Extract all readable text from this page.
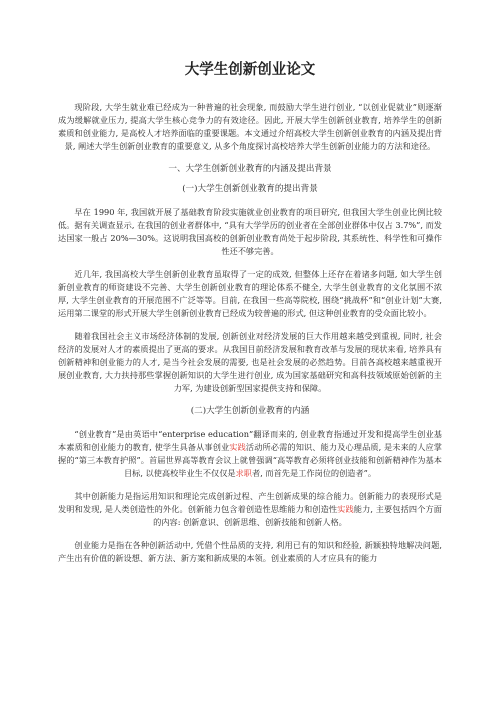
大学生创新创业论文

现阶段, 大学生就业难已经成为一种普遍的社会现象, 而鼓励大学生进行创业, “以创业促就业”则逐渐成为缓解就业压力, 提高大学生核心竞争力的有效途径。因此, 开展大学生创新创业教育, 培养学生的创新素质和创业能力, 是高校人才培养面临的重要课题。本文通过介绍高校大学生创新创业教育的内涵及提出背景, 阐述大学生创新创业教育的重要意义, 从多个角度探讨高校培养大学生创新创业能力的方法和途径。

一、大学生创新创业教育的内涵及提出背景

(一)大学生创新创业教育的提出背景

早在 1990 年, 我国就开展了基础教育阶段实施就业创业教育的项目研究, 但我国大学生创业比例比较低。据有关调查显示, 在我国的创业者群体中, “具有大学学历的创业者在全部创业群体中仅占 3.7%”, 而发达国家一般占 20%—30%。这说明我国高校的创新创业教育尚处于起步阶段, 其系统性、科学性和可操作性还不够完善。

近几年, 我国高校大学生创新创业教育虽取得了一定的成效, 但整体上还存在着诸多问题, 如大学生创新创业教育的师资建设不完善、大学生创新创业教育的理论体系不健全, 大学生创业教育的文化氛围不浓厚, 大学生创业教育的开展范围不广泛等等。目前, 在我国一些高等院校, 围绕“挑战杯”和“创业计划”大赛, 运用第二课堂的形式开展大学生创新创业教育已经成为较普遍的形式, 但这种创业教育的受众面比较小。

随着我国社会主义市场经济体制的发展, 创新创业对经济发展的巨大作用越来越受到重视, 同时, 社会经济的发展对人才的素质提出了更高的要求。从我国目前经济发展和教育改革与发展的现状来看, 培养具有创新精神和创业能力的人才, 是当今社会发展的需要, 也是社会发展的必然趋势。目前各高校越来越重视开展创业教育, 大力扶持那些掌握创新知识的大学生进行创业, 成为国家基础研究和高科技领域原始创新的主力军, 为建设创新型国家提供支持和保障。

(二)大学生创新创业教育的内涵

“创业教育”是由英语中“enterprise education”翻译而来的, 创业教育指通过开发和提高学生创业基本素质和创业能力的教育, 使学生具备从事创业实践活动所必需的知识、能力及心理品质, 是未来的人应掌握的“第三本教育护照”。首届世界高等教育会议上就曾强调“高等教育必须将创业技能和创新精神作为基本目标, 以使高校毕业生不仅仅是求职者, 而首先是工作岗位的创造者”。

其中创新能力是指运用知识和理论完成创新过程、产生创新成果的综合能力。创新能力的表现形式是发明和发现, 是人类创造性的外化。创新能力包含着创造性思维能力和创造性实践能力, 主要包括四个方面的内容: 创新意识、创新思维、创新技能和创新人格。

创业能力是指在各种创新活动中, 凭借个性品质的支持, 利用已有的知识和经验, 新颖独特地解决问题, 产生出有价值的新设想、新方法、新方案和新成果的本领。创业素质的人才应具有的能力
